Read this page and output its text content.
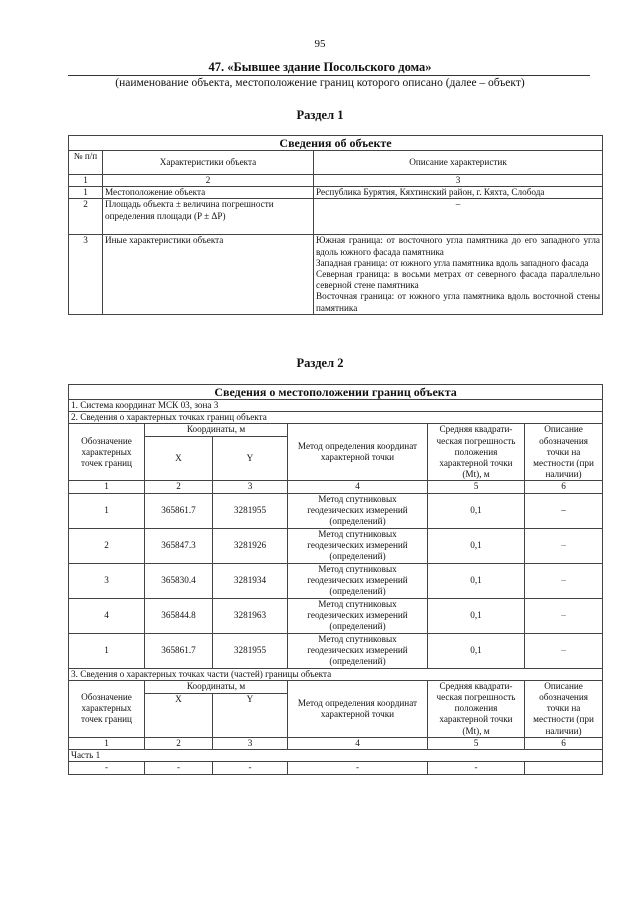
95
47. «Бывшее здание Посольского дома»
(наименование объекта, местоположение границ которого описано (далее – объект)
Раздел 1
Сведения об объекте		
№ п/п	Характеристики объекта	Описание характеристик
1	2	3
1	Местоположение объекта	Республика Бурятия, Кяхтинский район, г. Кяхта, Слобода
2	Площадь объекта ± величина погрешности определения площади (P ± ΔP)	–
3	Иные характеристики объекта	Южная граница: от восточного угла памятника до его западного угла вдоль южного фасада памятника
Западная граница: от южного угла памятника вдоль западного фасада
Северная граница: в восьми метрах от северного фасада параллельно северной стене памятника
Восточная граница: от южного угла памятника вдоль восточной стены памятника
Раздел 2
Сведения о местоположении границ объекта					
1. Система координат МСК 03, зона 3					
2. Сведения о характерных точках границ объекта					
Обозначение характерных точек границ	Координаты, м		Метод определения координат характерной точки	Средняя квадрати- ческая погрешность положения характерной точки (Mt), м	Описание обозначения точки на местности (при наличии)
	X	Y			
1	2	3	4	5	6
1	365861.7	3281955	Метод спутниковых геодезических измерений (определений)	0,1	–
2	365847.3	3281926	Метод спутниковых геодезических измерений (определений)	0,1	–
3	365830.4	3281934	Метод спутниковых геодезических измерений (определений)	0,1	–
4	365844.8	3281963	Метод спутниковых геодезических измерений (определений)	0,1	–
1	365861.7	3281955	Метод спутниковых геодезических измерений (определений)	0,1	–
3. Сведения о характерных точках части (частей) границы объекта					
Обозначение характерных точек границ	Координаты, м		Метод определения координат характерной точки	Средняя квадрати- ческая погрешность положения характерной точки (Mt), м	Описание обозначения точки на местности (при наличии)
	X	Y			
1	2	3	4	5	6
Часть 1					
-	-	-	-	-	
